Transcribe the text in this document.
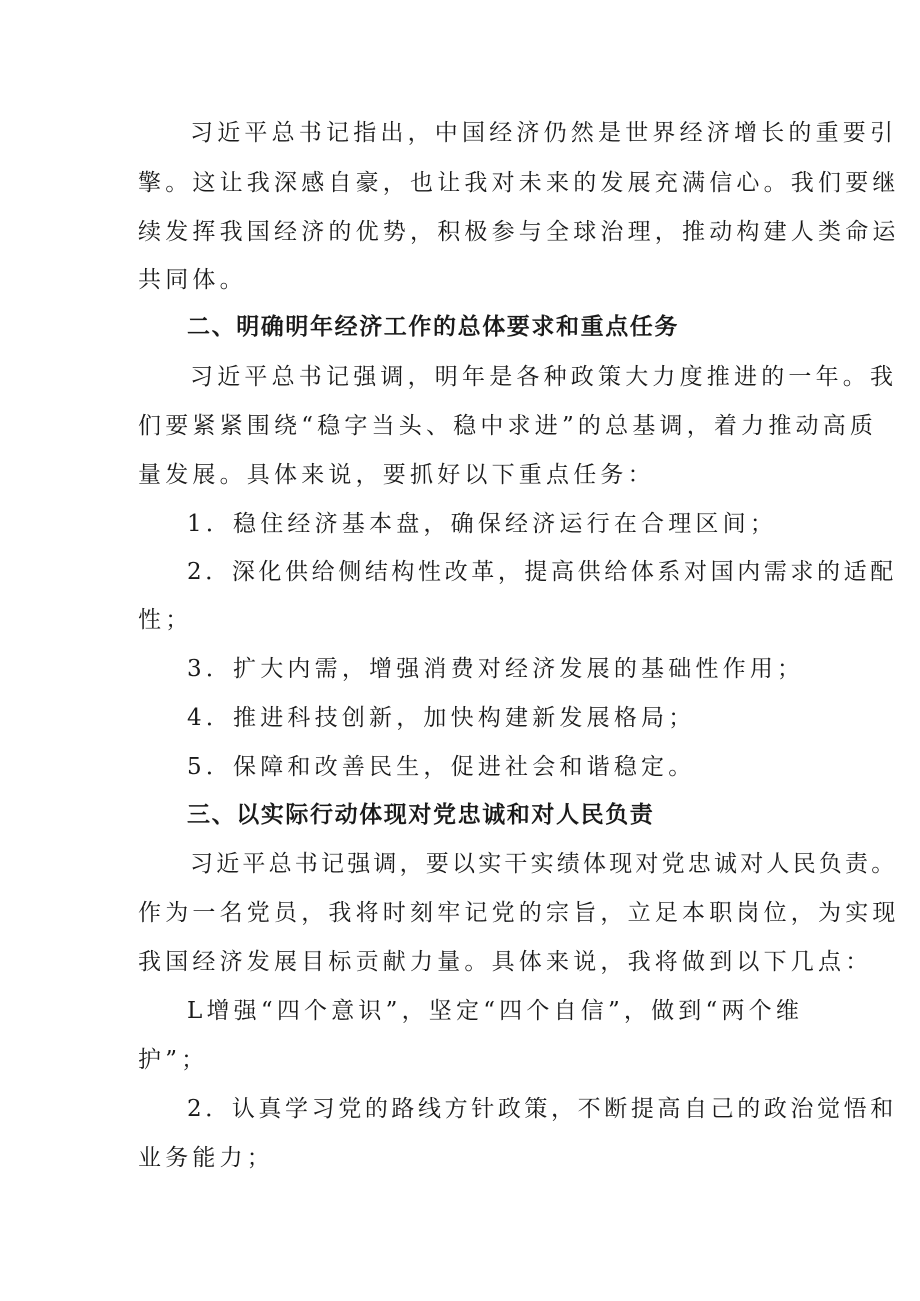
习近平总书记指出，中国经济仍然是世界经济增长的重要引
擎。这让我深感自豪，也让我对未来的发展充满信心。我们要继
续发挥我国经济的优势，积极参与全球治理，推动构建人类命运
共同体。
二、明确明年经济工作的总体要求和重点任务
习近平总书记强调，明年是各种政策大力度推进的一年。我
们要紧紧围绕“稳字当头、稳中求进”的总基调，着力推动高质
量发展。具体来说，要抓好以下重点任务：
1．稳住经济基本盘，确保经济运行在合理区间；
2．深化供给侧结构性改革，提高供给体系对国内需求的适配
性；
3．扩大内需，增强消费对经济发展的基础性作用；
4．推进科技创新，加快构建新发展格局；
5．保障和改善民生，促进社会和谐稳定。
三、以实际行动体现对党忠诚和对人民负责
习近平总书记强调，要以实干实绩体现对党忠诚对人民负责。
作为一名党员，我将时刻牢记党的宗旨，立足本职岗位，为实现
我国经济发展目标贡献力量。具体来说，我将做到以下几点：
L增强“四个意识”，坚定“四个自信”，做到“两个维
护”；
2．认真学习党的路线方针政策，不断提高自己的政治觉悟和
业务能力；
